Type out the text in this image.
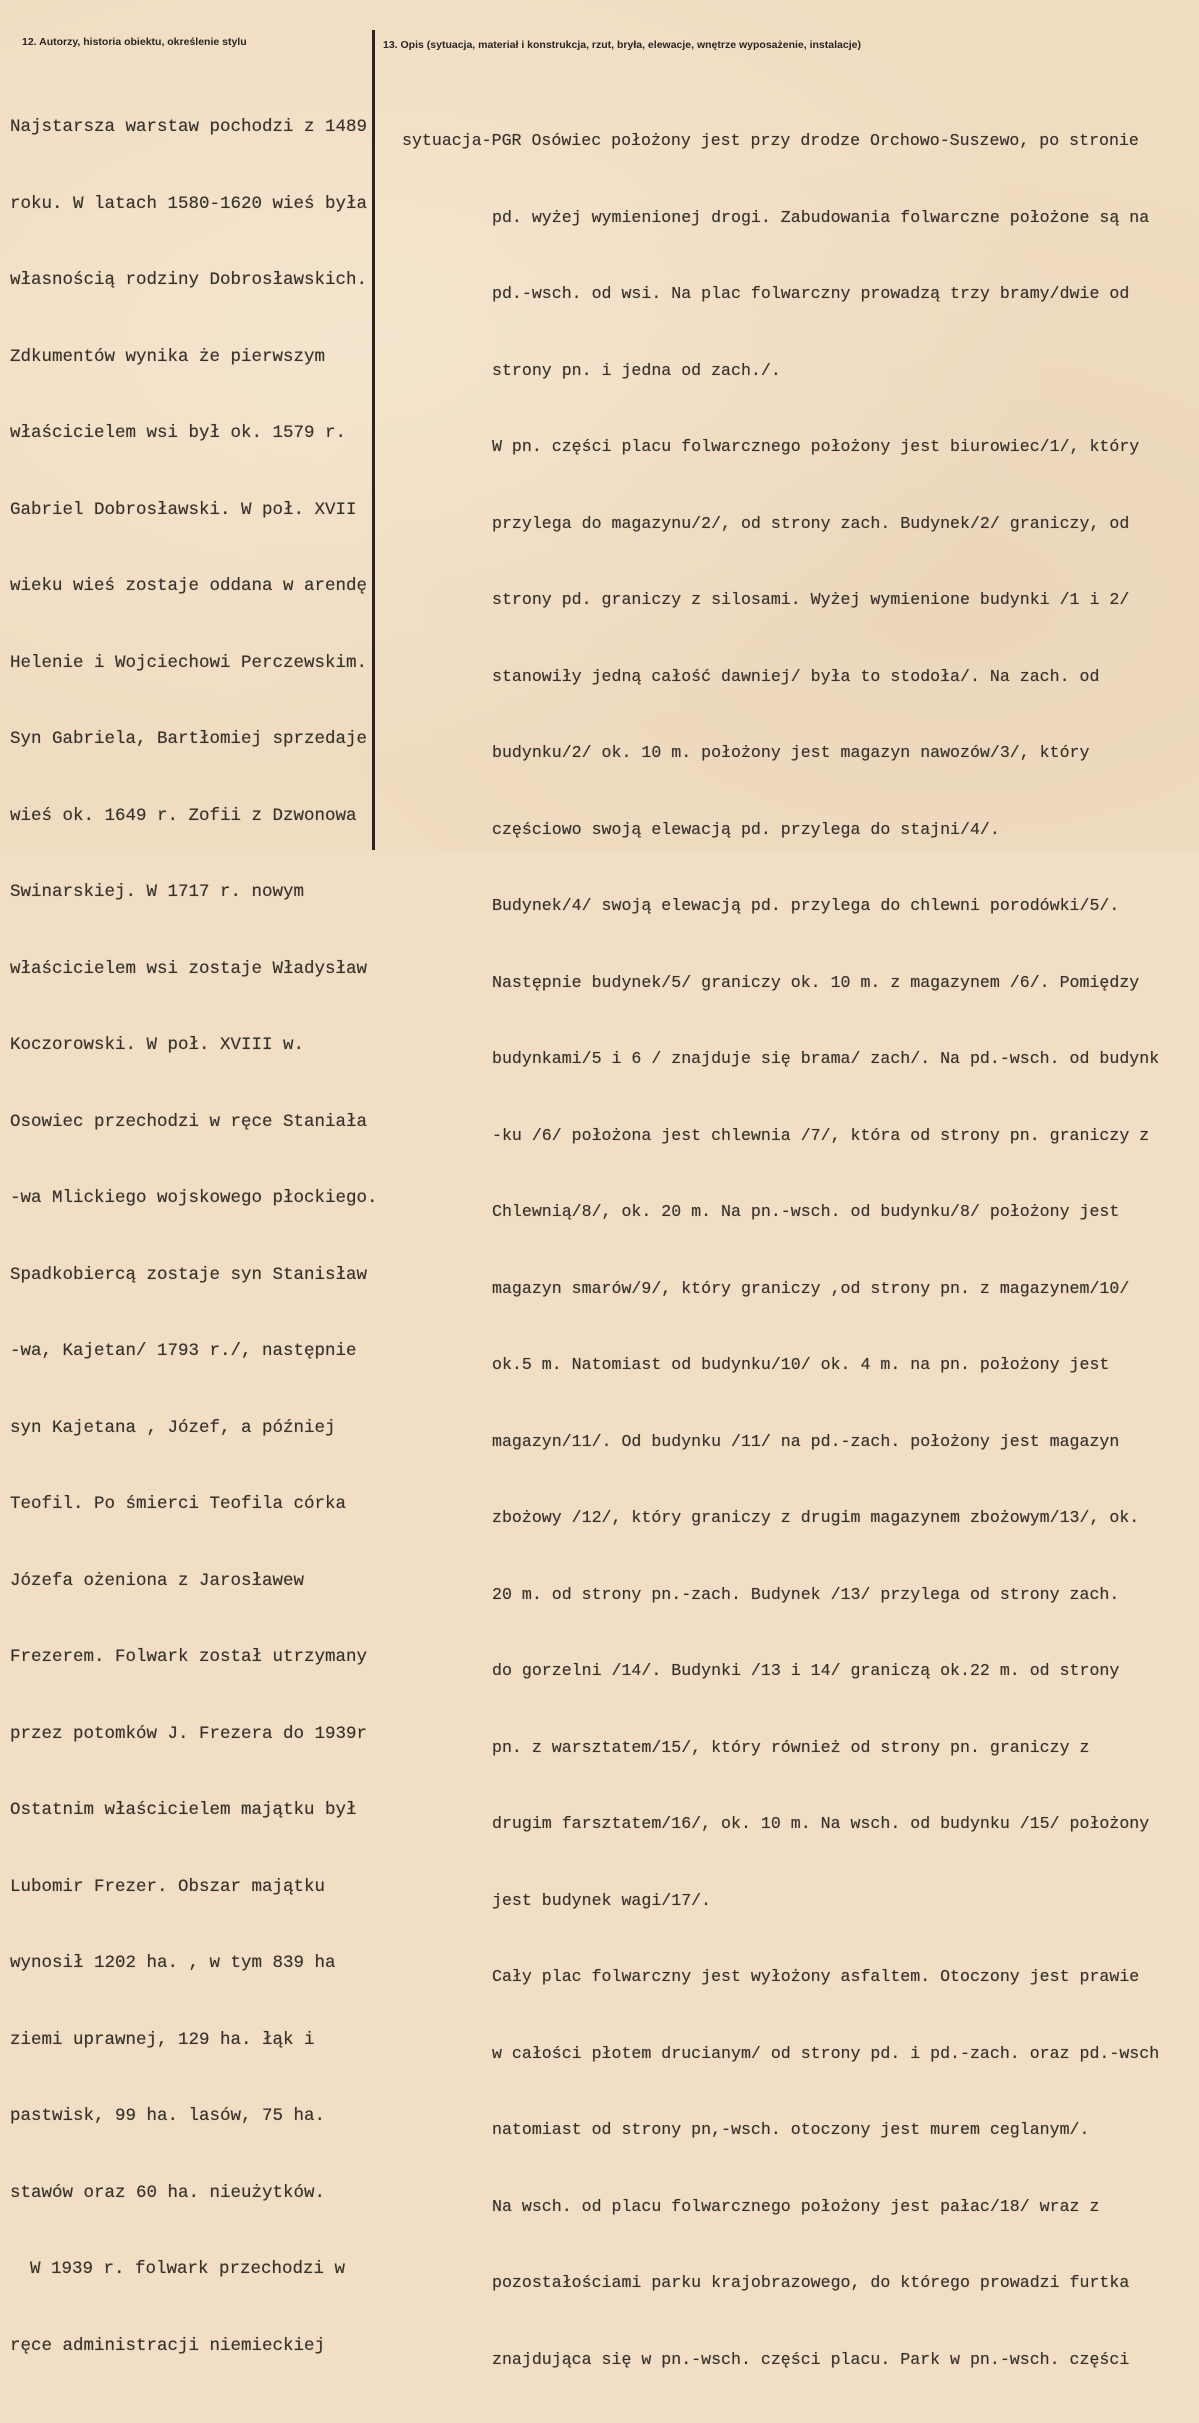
12. Autorzy, historia obiektu, określenie stylu	13. Opis (sytuacja, materiał i konstrukcja, rzut, bryła, elewacje, wnętrze wyposażenie, instalacje)

Najstarsza warstaw pochodzi z 1489

roku. W latach 1580-1620 wieś była

własnością rodziny Dobrosławskich.

Zdkumentów wynika że pierwszym

właścicielem wsi był ok. 1579 r.

Gabriel Dobrosławski. W poł. XVII

wieku wieś zostaje oddana w arendę

Helenie i Wojciechowi Perczewskim.

Syn Gabriela, Bartłomiej sprzedaje

wieś ok. 1649 r. Zofii z Dzwonowa

Swinarskiej. W 1717 r. nowym

właścicielem wsi zostaje Władysław

Koczorowski. W poł. XVIII w.

Osowiec przechodzi w ręce Staniała

-wa Mlickiego wojskowego płockiego.

Spadkobiercą zostaje syn Stanisław

-wa, Kajetan/ 1793 r./, następnie

syn Kajetana , Józef, a później

Teofil. Po śmierci Teofila córka

Józefa ożeniona z Jarosławew

Frezerem. Folwark został utrzymany

przez potomków J. Frezera do 1939r

Ostatnim właścicielem majątku był

Lubomir Frezer. Obszar majątku

wynosił 1202 ha. , w tym 839 ha

ziemi uprawnej, 129 ha. łąk i

pastwisk, 99 ha. lasów, 75 ha.

stawów oraz 60 ha. nieużytków.

W 1939 r. folwark przechodzi w

ręce administracji niemieckiej

sytuacja-PGR Osówiec położony jest przy drodze Orchowo-Suszewo, po stronie

pd. wyżej wymienionej drogi. Zabudowania folwarczne położone są na

pd.-wsch. od wsi. Na plac folwarczny prowadzą trzy bramy/dwie od

strony pn. i jedna od zach./.

W pn. części placu folwarcznego położony jest biurowiec/1/, który

przylega do magazynu/2/, od strony zach. Budynek/2/ graniczy, od

strony pd. graniczy z silosami. Wyżej wymienione budynki /1 i 2/

stanowiły jedną całość dawniej/ była to stodoła/. Na zach. od

budynku/2/ ok. 10 m. położony jest magazyn nawozów/3/, który

częściowo swoją elewacją pd. przylega do stajni/4/.

Budynek/4/ swoją elewacją pd. przylega do chlewni porodówki/5/.

Następnie budynek/5/ graniczy ok. 10 m. z magazynem /6/. Pomiędzy

budynkami/5 i 6 / znajduje się brama/ zach/. Na pd.-wsch. od budynk

-ku /6/ położona jest chlewnia /7/, która od strony pn. graniczy z

Chlewnią/8/, ok. 20 m. Na pn.-wsch. od budynku/8/ położony jest

magazyn smarów/9/, który graniczy ,od strony pn. z magazynem/10/

ok.5 m. Natomiast od budynku/10/ ok. 4 m. na pn. położony jest

magazyn/11/. Od budynku /11/ na pd.-zach. położony jest magazyn

zbożowy /12/, który graniczy z drugim magazynem zbożowym/13/, ok.

20 m. od strony pn.-zach. Budynek /13/ przylega od strony zach.

do gorzelni /14/. Budynki /13 i 14/ graniczą ok.22 m. od strony

pn. z warsztatem/15/, który również od strony pn. graniczy z

drugim farsztatem/16/, ok. 10 m. Na wsch. od budynku /15/ położony

jest budynek wagi/17/.

Cały plac folwarczny jest wyłożony asfaltem. Otoczony jest prawie

w całości płotem drucianym/ od strony pd. i pd.-zach. oraz pd.-wsch

natomiast od strony pn,-wsch. otoczony jest murem ceglanym/.

Na wsch. od placu folwarcznego położony jest pałac/18/ wraz z

pozostałościami parku krajobrazowego, do którego prowadzi furtka

znajdująca się w pn.-wsch. części placu. Park w pn.-wsch. części
